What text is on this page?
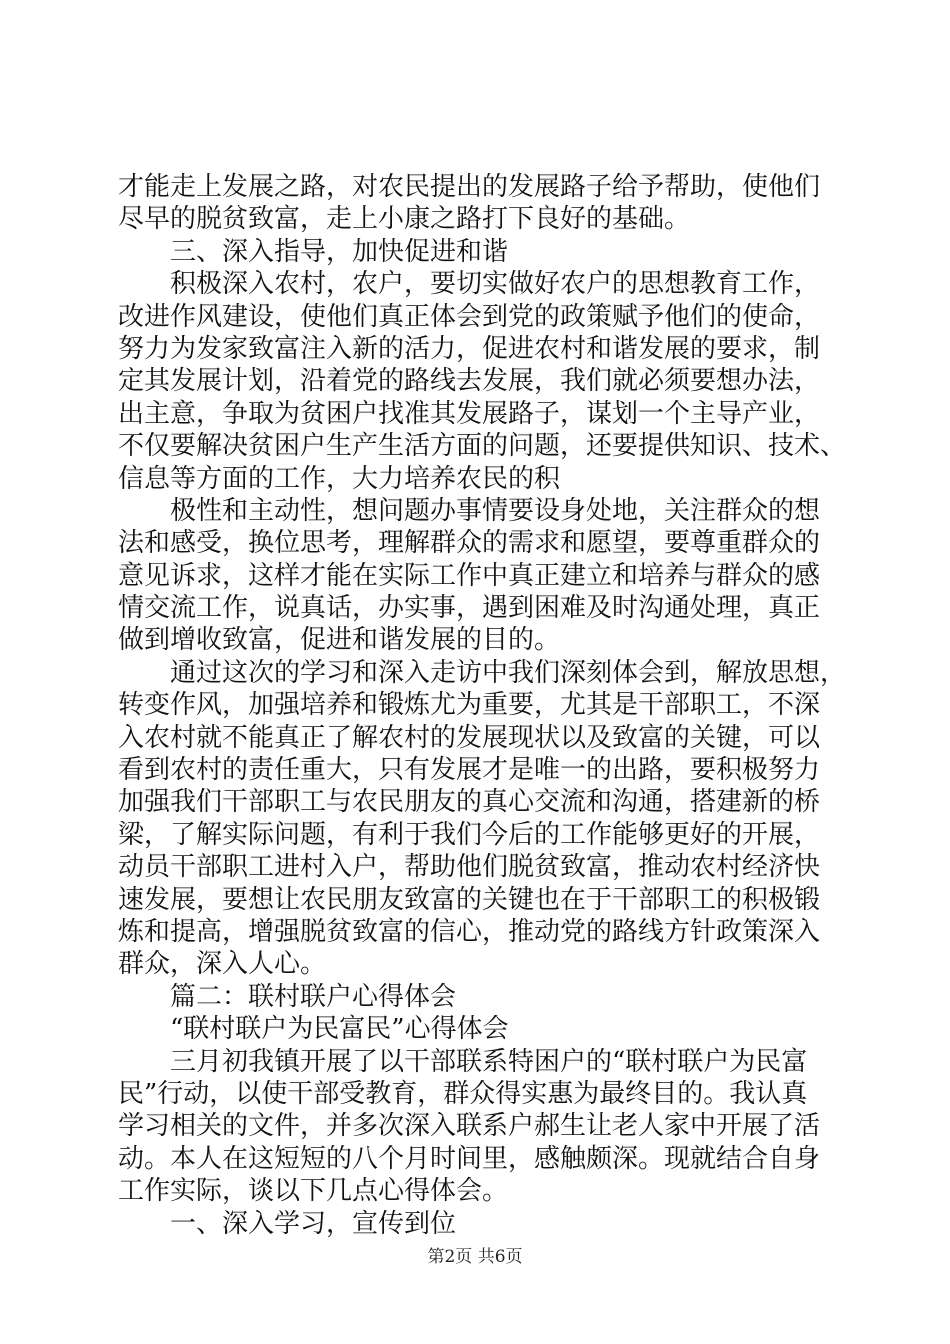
才能走上发展之路，对农民提出的发展路子给予帮助，使他们
尽早的脱贫致富，走上小康之路打下良好的基础。
　　三、深入指导，加快促进和谐
　　积极深入农村，农户，要切实做好农户的思想教育工作，
改进作风建设，使他们真正体会到党的政策赋予他们的使命，
努力为发家致富注入新的活力，促进农村和谐发展的要求，制
定其发展计划，沿着党的路线去发展，我们就必须要想办法，
出主意，争取为贫困户找准其发展路子，谋划一个主导产业，
不仅要解决贫困户生产生活方面的问题，还要提供知识、技术、
信息等方面的工作，大力培养农民的积
　　极性和主动性，想问题办事情要设身处地，关注群众的想
法和感受，换位思考，理解群众的需求和愿望，要尊重群众的
意见诉求，这样才能在实际工作中真正建立和培养与群众的感
情交流工作，说真话，办实事，遇到困难及时沟通处理，真正
做到增收致富，促进和谐发展的目的。
　　通过这次的学习和深入走访中我们深刻体会到，解放思想，
转变作风，加强培养和锻炼尤为重要，尤其是干部职工，不深
入农村就不能真正了解农村的发展现状以及致富的关键，可以
看到农村的责任重大，只有发展才是唯一的出路，要积极努力
加强我们干部职工与农民朋友的真心交流和沟通，搭建新的桥
梁，了解实际问题，有利于我们今后的工作能够更好的开展，
动员干部职工进村入户，帮助他们脱贫致富，推动农村经济快
速发展，要想让农民朋友致富的关键也在于干部职工的积极锻
炼和提高，增强脱贫致富的信心，推动党的路线方针政策深入
群众，深入人心。
　　篇二：联村联户心得体会
　　“联村联户为民富民”心得体会
　　三月初我镇开展了以干部联系特困户的“联村联户为民富
民”行动，以使干部受教育，群众得实惠为最终目的。我认真
学习相关的文件，并多次深入联系户郝生让老人家中开展了活
动。本人在这短短的八个月时间里，感触颇深。现就结合自身
工作实际，谈以下几点心得体会。
　　一、深入学习，宣传到位
第2页 共6页
